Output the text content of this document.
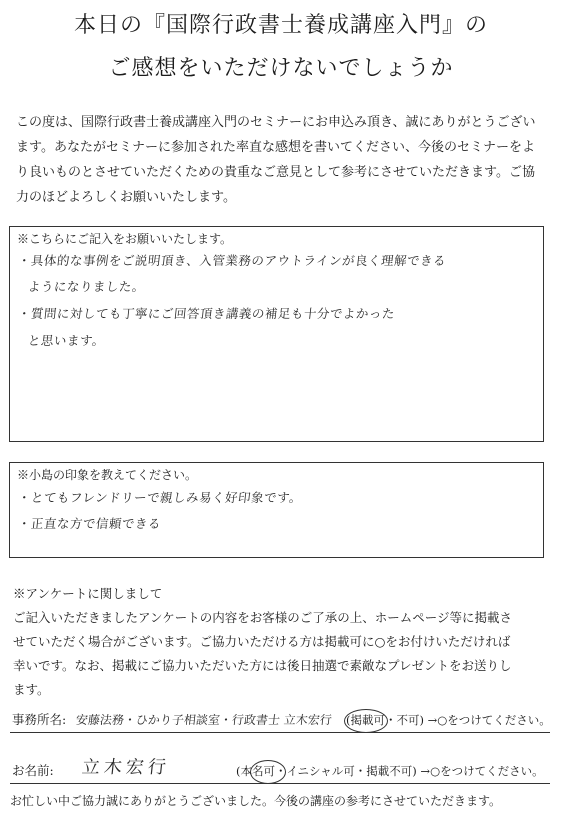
本日の『国際行政書士養成講座入門』の
ご感想をいただけないでしょうか
この度は、国際行政書士養成講座入門のセミナーにお申込み頂き、誠にありがとうござい
ます。あなたがセミナーに参加された率直な感想を書いてください、今後のセミナーをよ
り良いものとさせていただくための貴重なご意見として参考にさせていただきます。ご協
力のほどよろしくお願いいたします。
※こちらにご記入をお願いいたします。
・具体的な事例をご説明頂き、入管業務のアウトラインが良く理解できる
ようになりました。
・質問に対しても丁寧にご回答頂き講義の補足も十分でよかった
と思います。
※小島の印象を教えてください。
・とてもフレンドリーで親しみ易く好印象です。
・正直な方で信頼できる
※アンケートに関しまして
ご記入いただきましたアンケートの内容をお客様のご了承の上、ホームページ等に掲載さ
せていただく場合がございます。ご協力いただける方は掲載可に○をお付けいただければ
幸いです。なお、掲載にご協力いただいた方には後日抽選で素敵なプレゼントをお送りし
ます。
事務所名: 安藤法務・ひかり子相談室・行政書士 立木宏行 (掲載可・不可) →○をつけてください。
お名前: 立木宏行	(本名可・イニシャル可・掲載不可) →○をつけてください。
お忙しい中ご協力誠にありがとうございました。今後の講座の参考にさせていただきます。
